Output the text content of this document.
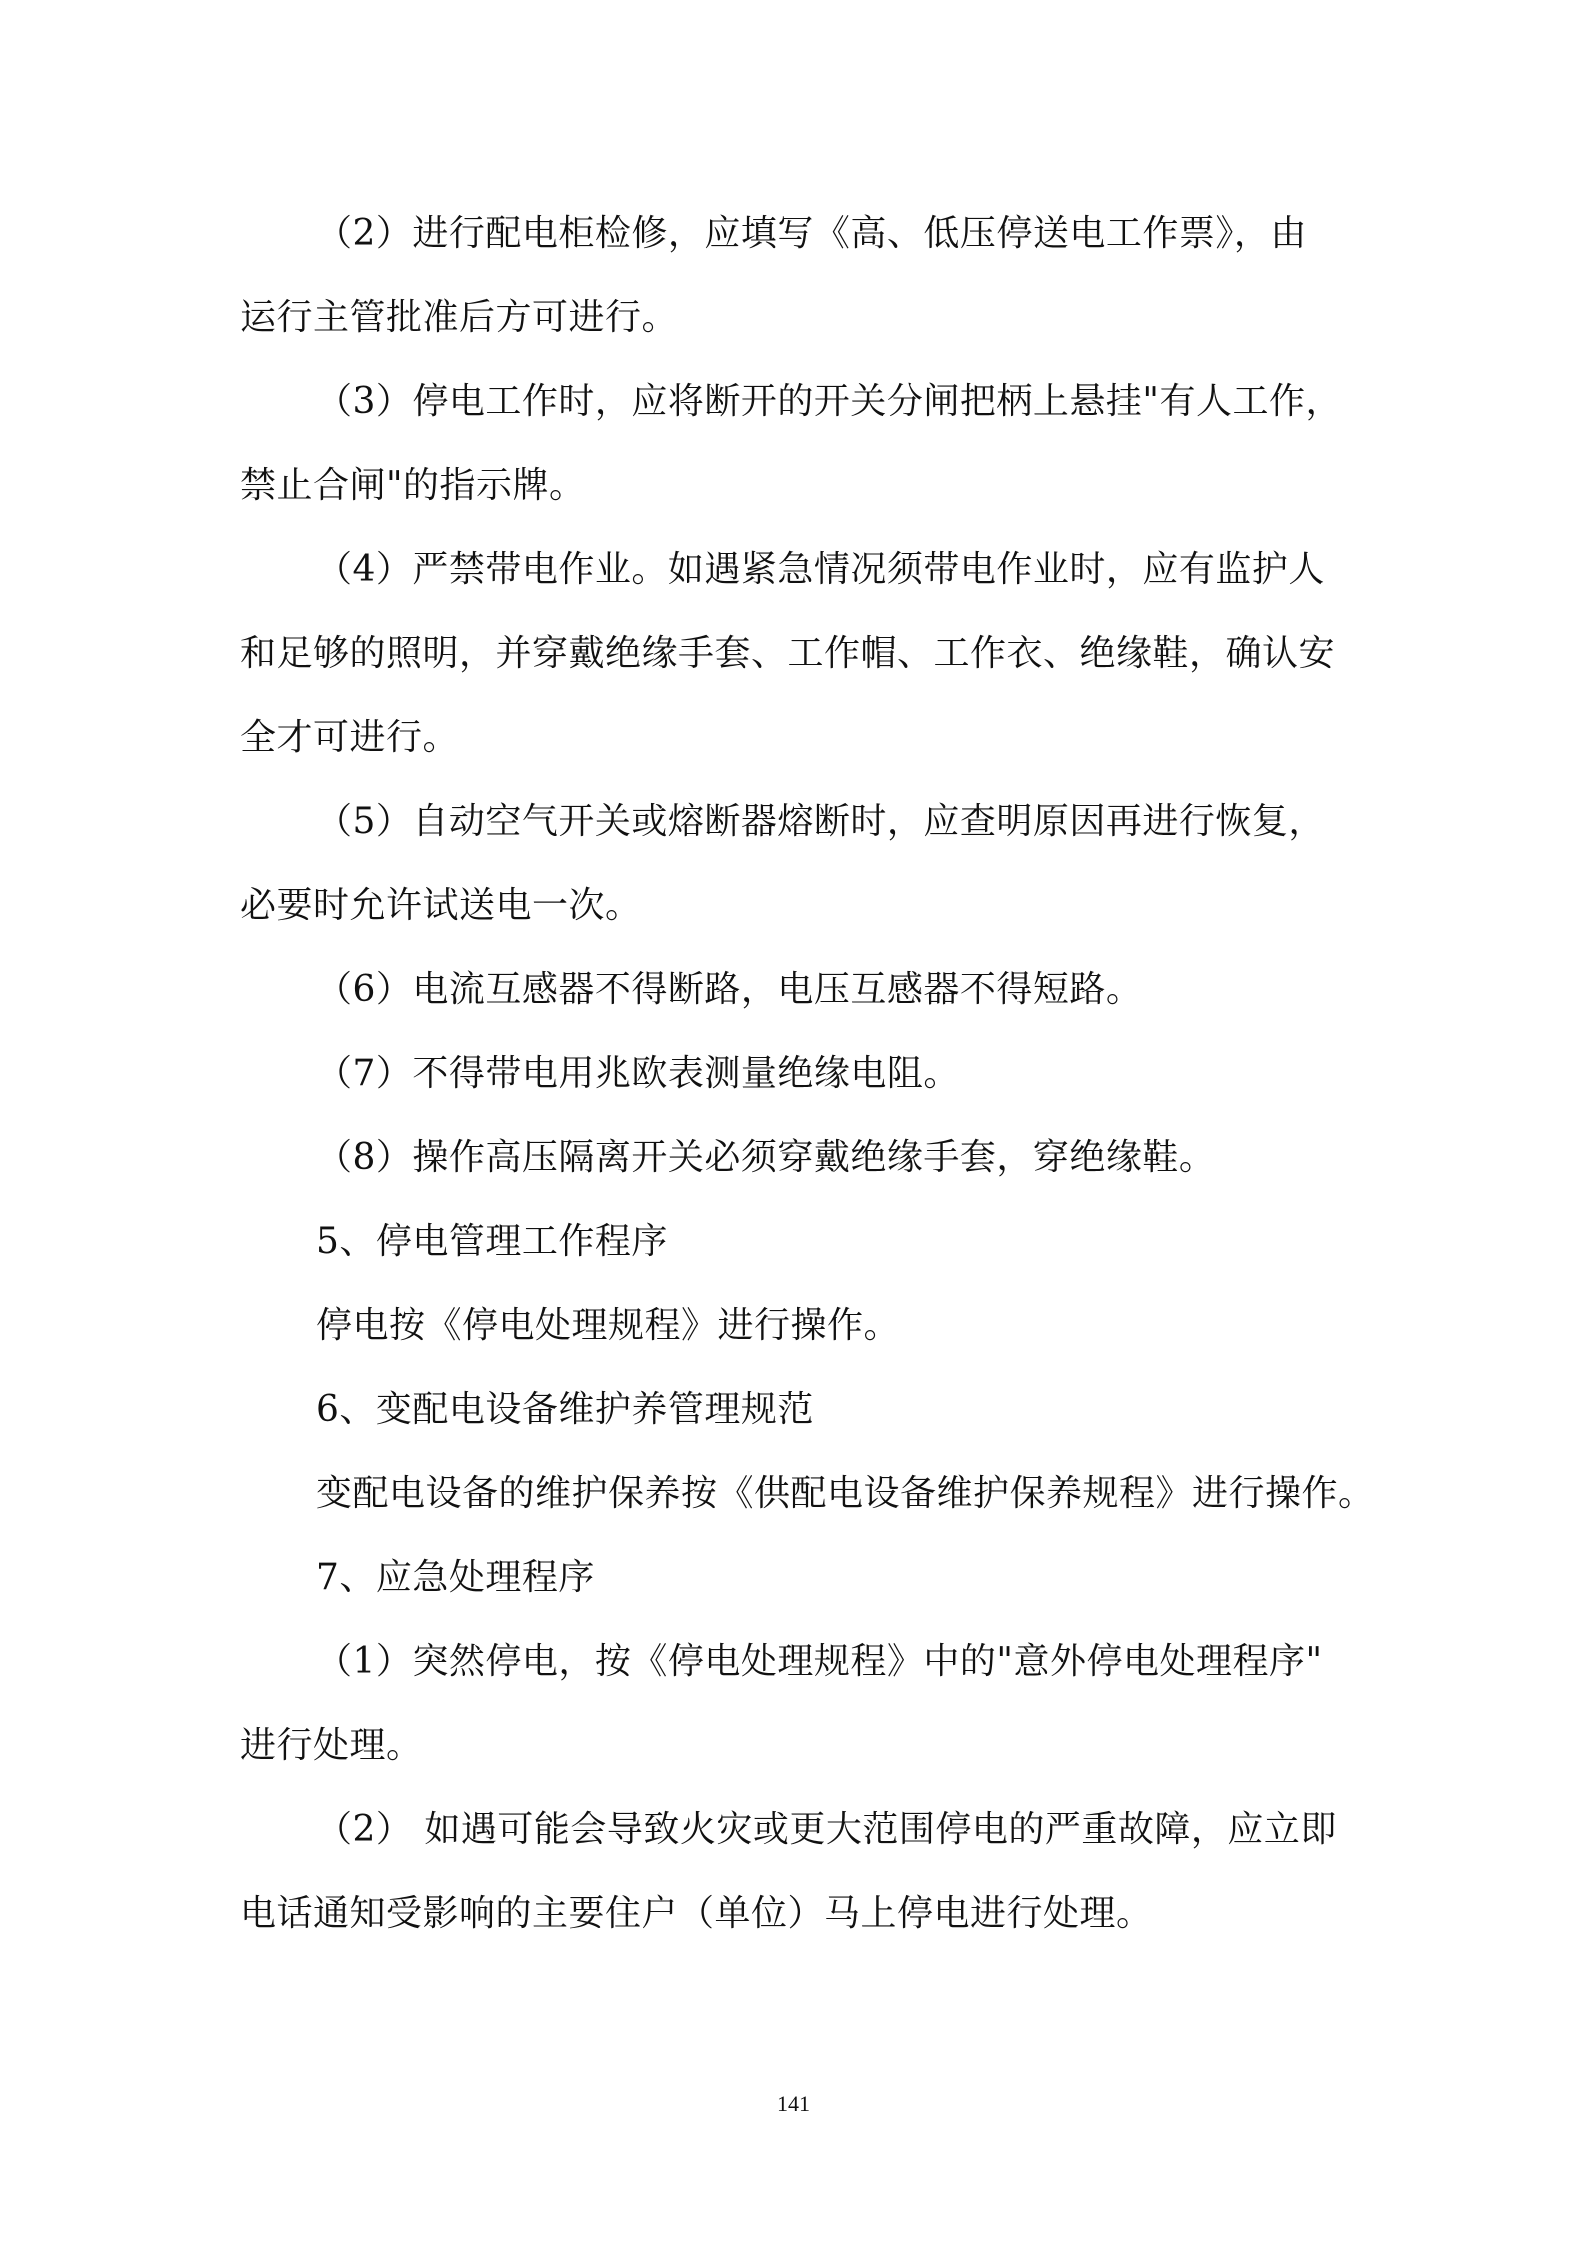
（2）进行配电柜检修，应填写《高、低压停送电工作票》，由
运行主管批准后方可进行。
（3）停电工作时，应将断开的开关分闸把柄上悬挂"有人工作，
禁止合闸"的指示牌。
（4）严禁带电作业。如遇紧急情况须带电作业时，应有监护人
和足够的照明，并穿戴绝缘手套、工作帽、工作衣、绝缘鞋，确认安
全才可进行。
（5）自动空气开关或熔断器熔断时，应查明原因再进行恢复，
必要时允许试送电一次。
（6）电流互感器不得断路，电压互感器不得短路。
（7）不得带电用兆欧表测量绝缘电阻。
（8）操作高压隔离开关必须穿戴绝缘手套，穿绝缘鞋。
5、停电管理工作程序
停电按《停电处理规程》进行操作。
6、变配电设备维护养管理规范
变配电设备的维护保养按《供配电设备维护保养规程》进行操作。
7、应急处理程序
（1）突然停电，按《停电处理规程》中的"意外停电处理程序"
进行处理。
（2） 如遇可能会导致火灾或更大范围停电的严重故障，应立即
电话通知受影响的主要住户（单位）马上停电进行处理。
141
